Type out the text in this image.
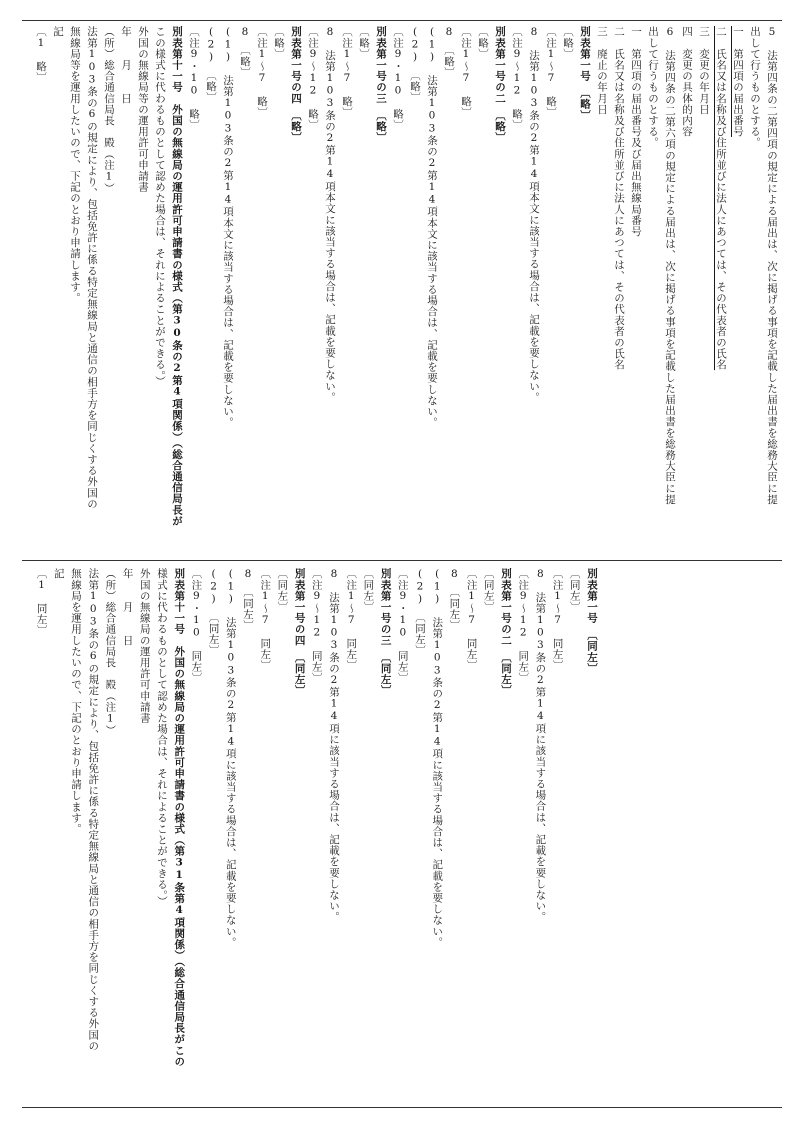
5　法第四条の二第四項の規定による届出は、次に掲げる事項を記載した届出書を総務大臣に提
出して行うものとする。
一　第四項の届出番号
二　氏名又は名称及び住所並びに法人にあつては、その代表者の氏名
三　変更の年月日
四　変更の具体的内容
6　法第四条の二第六項の規定による届出は、次に掲げる事項を記載した届出書を総務大臣に提
出して行うものとする。
一　第四項の届出番号及び届出無線局番号
二　氏名又は名称及び住所並びに法人にあつては、その代表者の氏名
三　廃止の年月日
別表第一号　〔略〕
〔略〕
〔注1～7　略〕
8　法第103条の2第14項本文に該当する場合は、記載を要しない。
〔注9～12　略〕
別表第一号の二　〔略〕
〔略〕
〔注1～7　略〕
8　〔略〕
(1)　法第103条の2第14項本文に該当する場合は、記載を要しない。
(2)　〔略〕
〔注9・10　略〕
別表第一号の三　〔略〕
〔略〕
〔注1～7　略〕
8　法第103条の2第14項本文に該当する場合は、記載を要しない。
〔注9～12　略〕
別表第一号の四　〔略〕
〔略〕
〔注1～7　略〕
8　〔略〕
(1)　法第103条の2第14項本文に該当する場合は、記載を要しない。
(2)　〔略〕
〔注9・10　略〕
別表第十一号　外国の無線局の運用許可申請書の様式（第30条の2第4項関係）（総合通信局長が
この様式に代わるものとして認めた場合は、それによることができる。）
外国の無線局等の運用許可申請書
年　　月　　日
（所）総合通信局長　殿（注1）
法第103条の6の規定により、包括免許に係る特定無線局と通信の相手方を同じくする外国の
無線局等を運用したいので、下記のとおり申請します。
記
〔1　略〕
別表第一号　〔同左〕
〔同左〕
〔注1～7　同左〕
8　法第103条の2第14項に該当する場合は、記載を要しない。
〔注9～12　同左〕
別表第一号の二　〔同左〕
〔同左〕
〔注1～7　同左〕
8　〔同左〕
(1)　法第103条の2第14項に該当する場合は、記載を要しない。
(2)　〔同左〕
〔注9・10　同左〕
別表第一号の三　〔同左〕
〔同左〕
〔注1～7　同左〕
8　法第103条の2第14項に該当する場合は、記載を要しない。
〔注9～12　同左〕
別表第一号の四　〔同左〕
〔同左〕
〔注1～7　同左〕
8　〔同左〕
(1)　法第103条の2第14項に該当する場合は、記載を要しない。
(2)　〔同左〕
〔注9・10　同左〕
別表第十一号　外国の無線局の運用許可申請書の様式（第31条第4項関係）（総合通信局長がこの
様式に代わるものとして認めた場合は、それによることができる。）
外国の無線局の運用許可申請書
年　　月　　日
（所）総合通信局長　殿（注1）
法第103条の6の規定により、包括免許に係る特定無線局と通信の相手方を同じくする外国の
無線局を運用したいので、下記のとおり申請します。
記
〔1　同左〕
